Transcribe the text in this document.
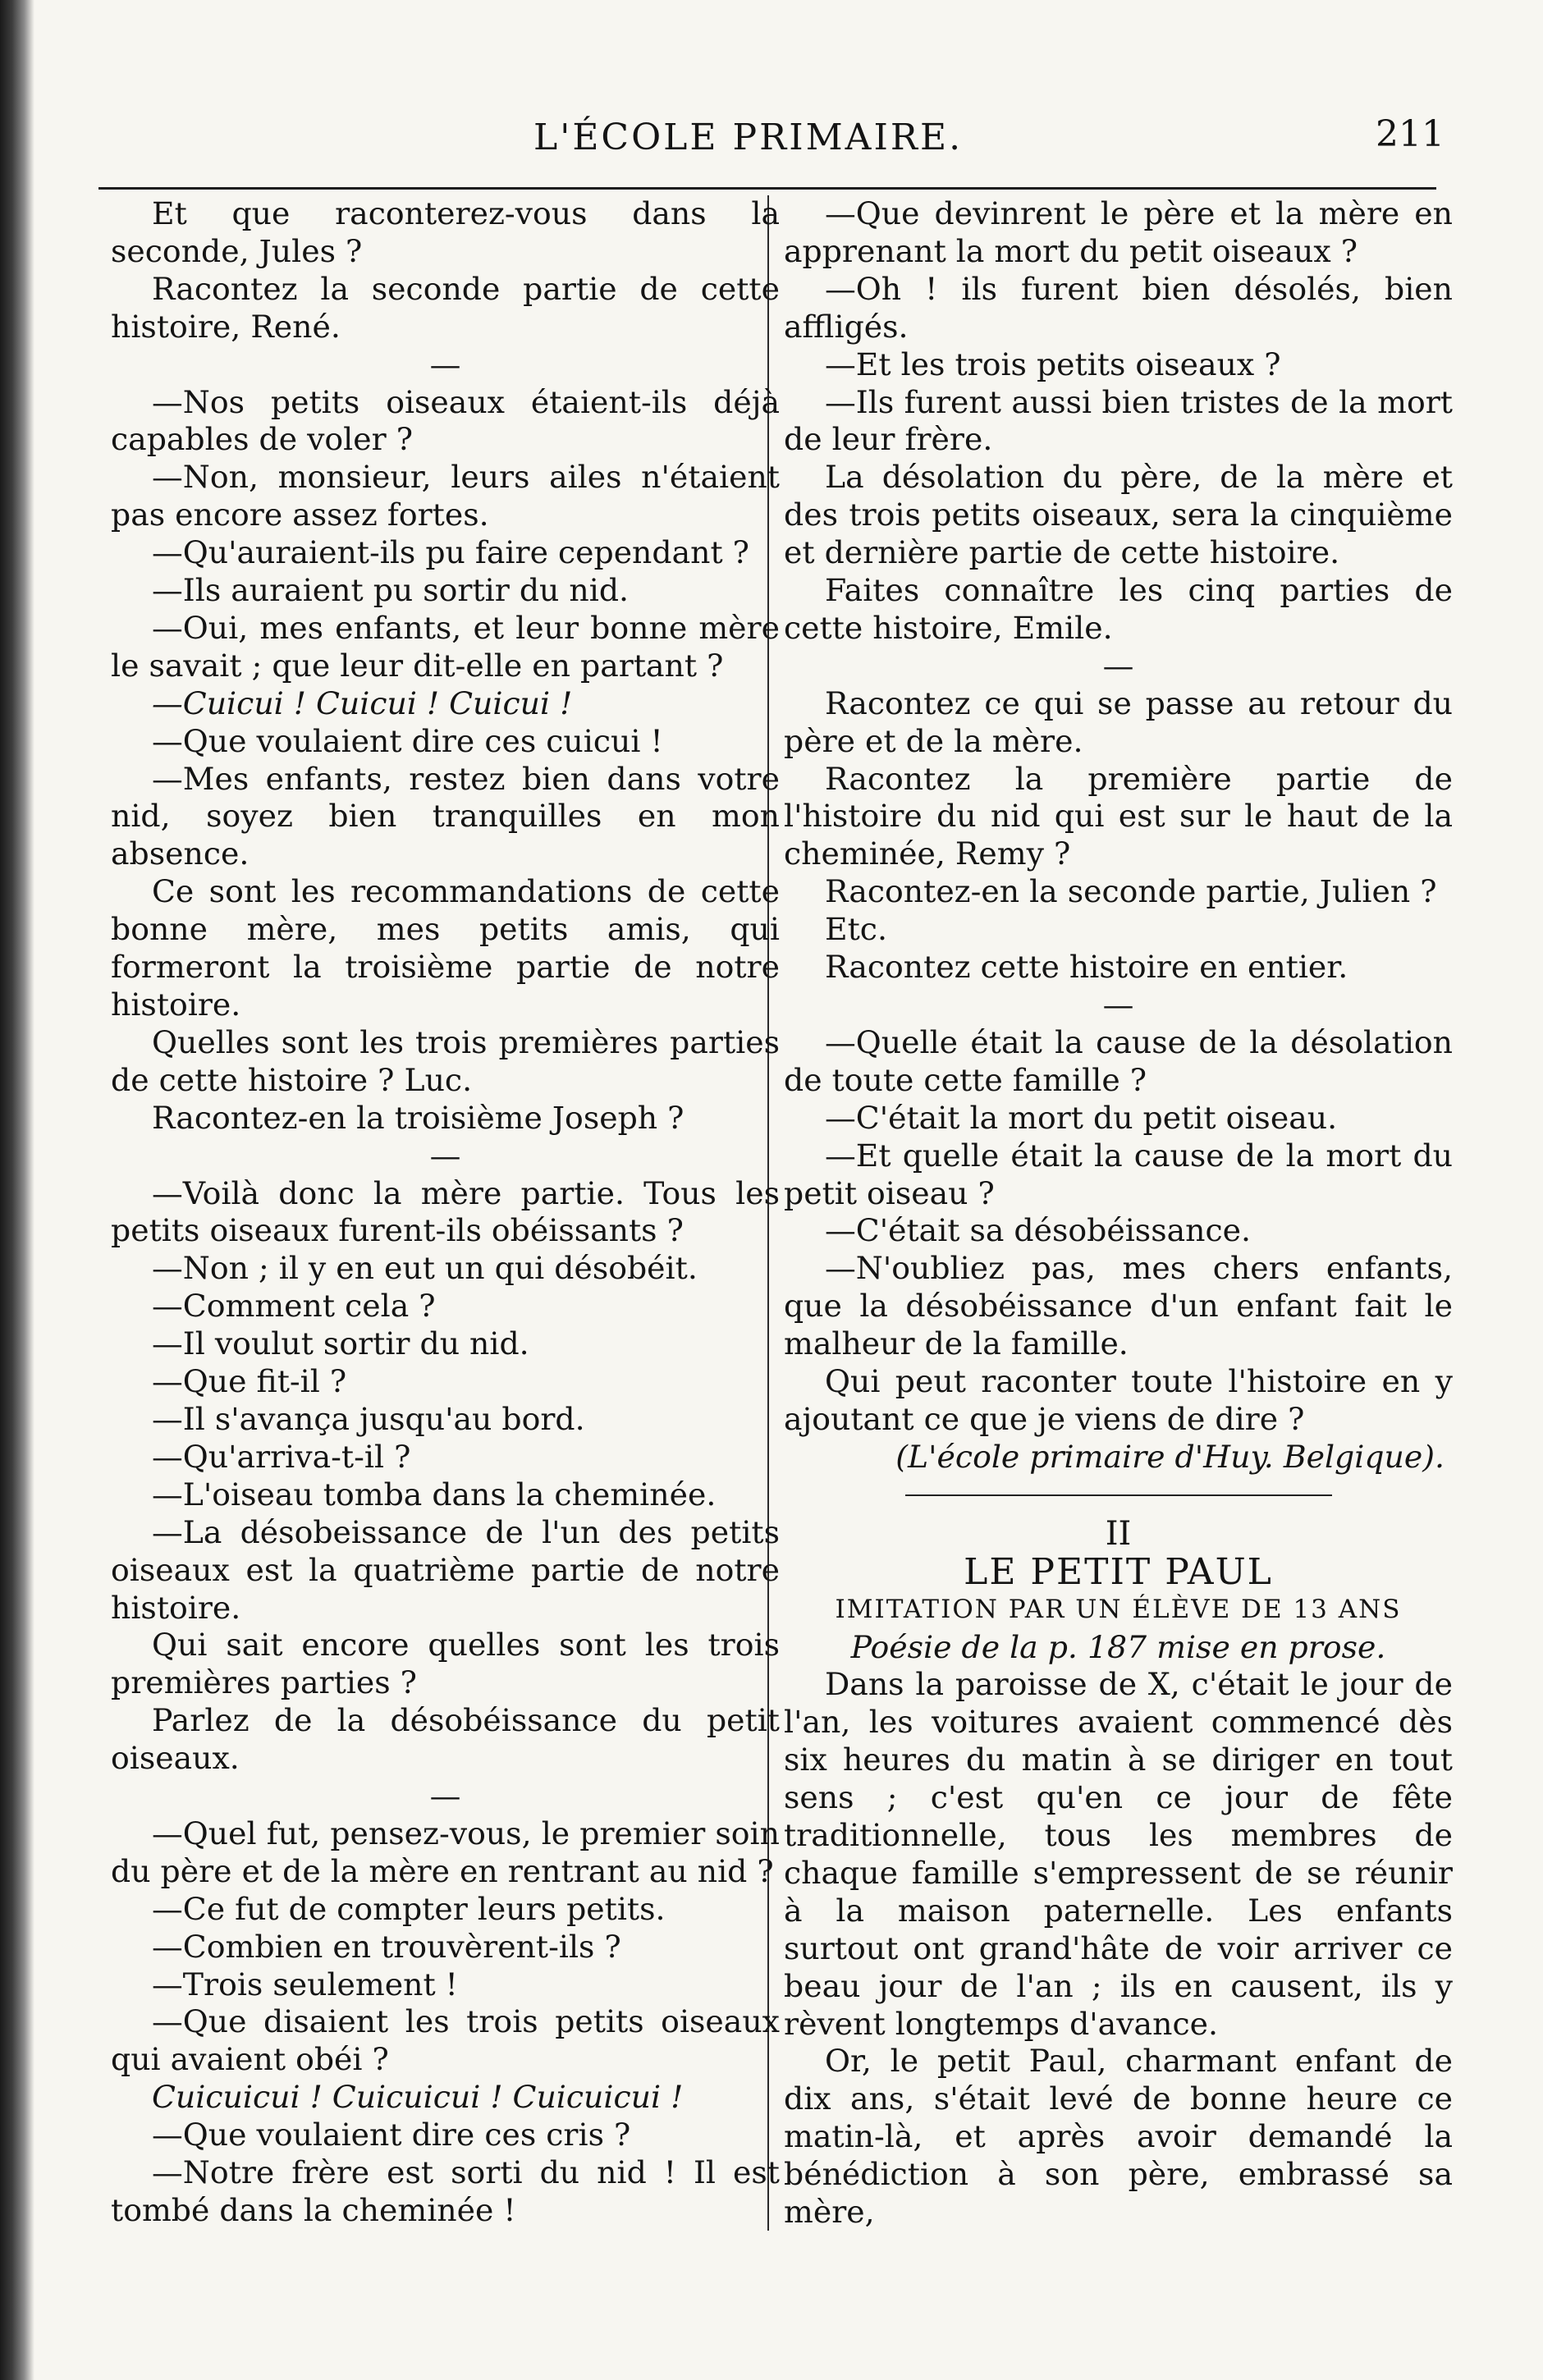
L'ÉCOLE PRIMAIRE.	211

Et que raconterez-vous dans la seconde, Jules ?

Racontez la seconde partie de cette histoire, René.

—

—Nos petits oiseaux étaient-ils déjà capables de voler ?

—Non, monsieur, leurs ailes n'étaient pas encore assez fortes.

—Qu'auraient-ils pu faire cependant ?

—Ils auraient pu sortir du nid.

—Oui, mes enfants, et leur bonne mère le savait ; que leur dit-elle en partant ?

—Cuicui ! Cuicui ! Cuicui !

—Que voulaient dire ces cuicui !

—Mes enfants, restez bien dans votre nid, soyez bien tranquilles en mon absence.

Ce sont les recommandations de cette bonne mère, mes petits amis, qui formeront la troisième partie de notre histoire.

Quelles sont les trois premières parties de cette histoire ? Luc.

Racontez-en la troisième Joseph ?

—

—Voilà donc la mère partie. Tous les petits oiseaux furent-ils obéissants ?

—Non ; il y en eut un qui désobéit.

—Comment cela ?

—Il voulut sortir du nid.

—Que fit-il ?

—Il s'avança jusqu'au bord.

—Qu'arriva-t-il ?

—L'oiseau tomba dans la cheminée.

—La désobeissance de l'un des petits oiseaux est la quatrième partie de notre histoire.

Qui sait encore quelles sont les trois premières parties ?

Parlez de la désobéissance du petit oiseaux.

—

—Quel fut, pensez-vous, le premier soin du père et de la mère en rentrant au nid ?

—Ce fut de compter leurs petits.

—Combien en trouvèrent-ils ?

—Trois seulement !

—Que disaient les trois petits oiseaux qui avaient obéi ?

Cuicuicui ! Cuicuicui ! Cuicuicui !

—Que voulaient dire ces cris ?

—Notre frère est sorti du nid ! Il est tombé dans la cheminée !

—Que devinrent le père et la mère en apprenant la mort du petit oiseaux ?

—Oh ! ils furent bien désolés, bien affligés.

—Et les trois petits oiseaux ?

—Ils furent aussi bien tristes de la mort de leur frère.

La désolation du père, de la mère et des trois petits oiseaux, sera la cinquième et dernière partie de cette histoire.

Faites connaître les cinq parties de cette histoire, Emile.

—

Racontez ce qui se passe au retour du père et de la mère.

Racontez la première partie de l'histoire du nid qui est sur le haut de la cheminée, Remy ?

Racontez-en la seconde partie, Julien ?

Etc.

Racontez cette histoire en entier.

—

—Quelle était la cause de la désolation de toute cette famille ?

—C'était la mort du petit oiseau.

—Et quelle était la cause de la mort du petit oiseau ?

—C'était sa désobéissance.

—N'oubliez pas, mes chers enfants, que la désobéissance d'un enfant fait le malheur de la famille.

Qui peut raconter toute l'histoire en y ajoutant ce que je viens de dire ?

(L'école primaire d'Huy. Belgique).

II

LE PETIT PAUL

IMITATION PAR UN ÉLÈVE DE 13 ANS

Poésie de la p. 187 mise en prose.

Dans la paroisse de X, c'était le jour de l'an, les voitures avaient commencé dès six heures du matin à se diriger en tout sens ; c'est qu'en ce jour de fête traditionnelle, tous les membres de chaque famille s'empressent de se réunir à la maison paternelle. Les enfants surtout ont grand'hâte de voir arriver ce beau jour de l'an ; ils en causent, ils y rèvent longtemps d'avance.

Or, le petit Paul, charmant enfant de dix ans, s'était levé de bonne heure ce matin-là, et après avoir demandé la bénédiction à son père, embrassé sa mère,
